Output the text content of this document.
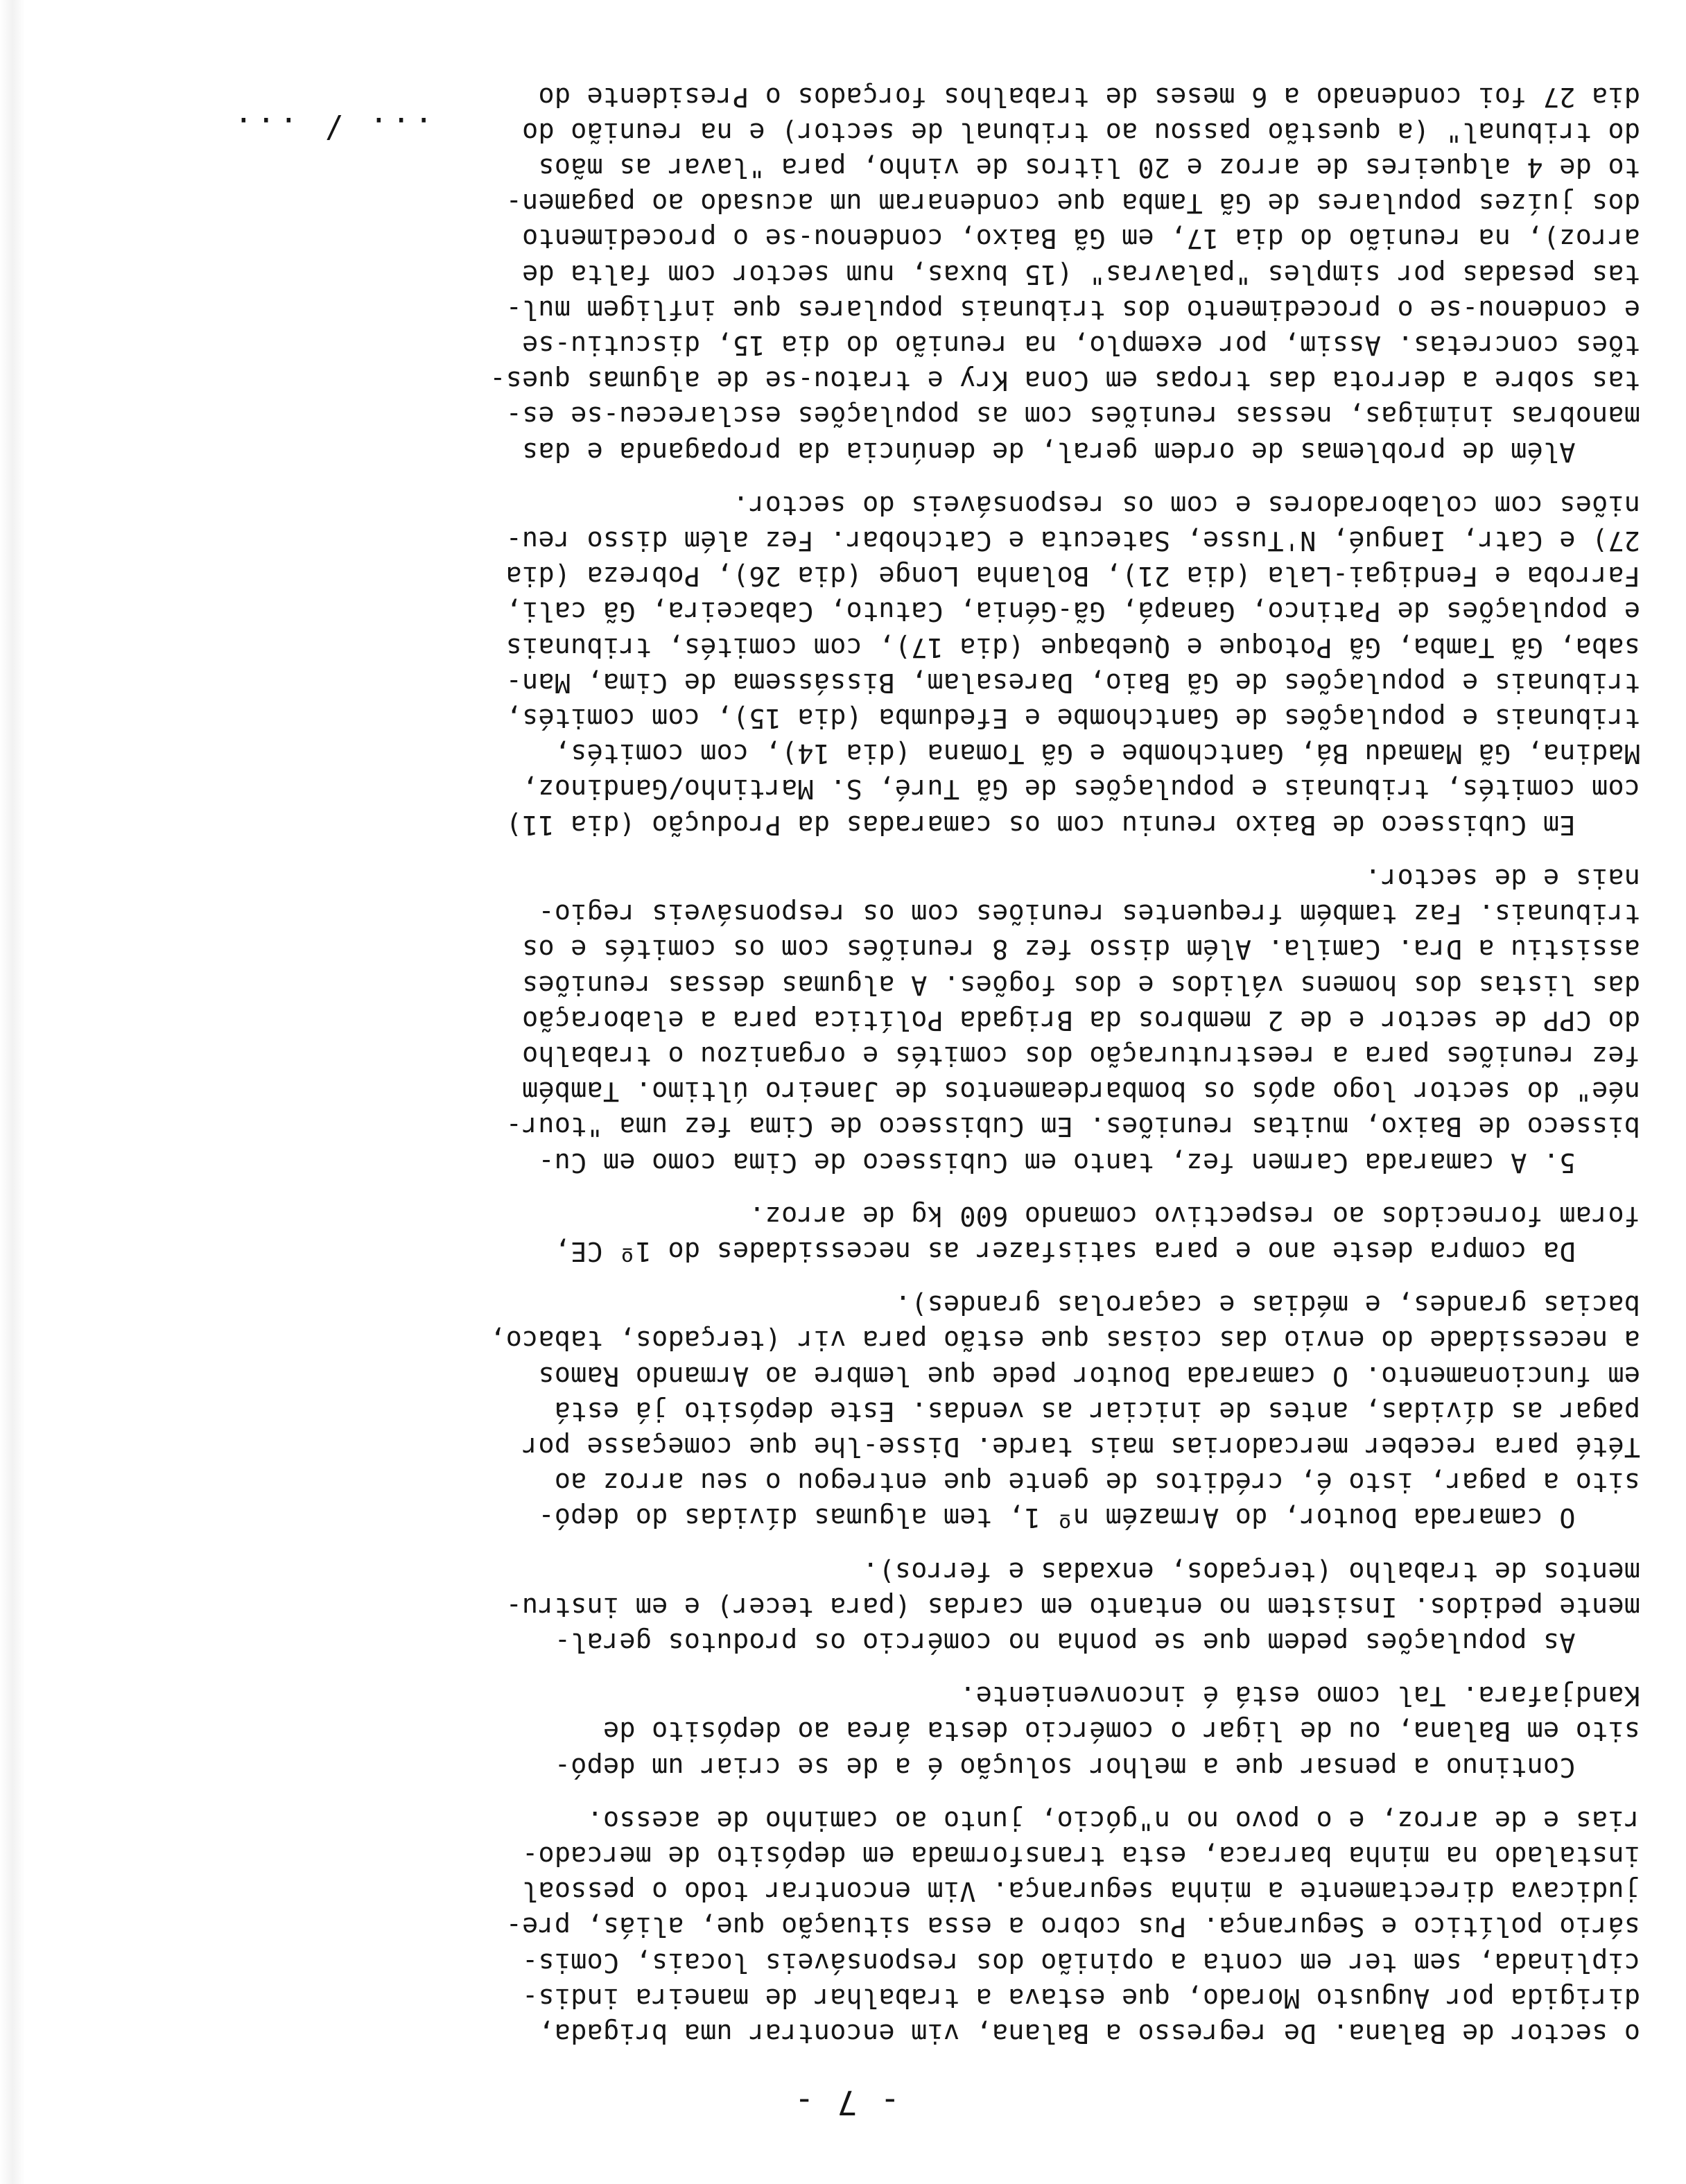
- 7 -
o sector de Balana. De regresso a Balana, vim encontrar uma brigada,
dirigida por Augusto Morado, que estava a trabalhar de maneira indis-
ciplinada, sem ter em conta a opinião dos responsáveis locais, Comis-
sário político e Segurança. Pus cobro a essa situação que, aliás, pre-
judicava directamente a minha segurança. Vim encontrar todo o pessoal
instalado na minha barraca, esta transformada em depósito de mercado-
rias e de arroz, e o povo no n"gócio, junto ao caminho de acesso.
Continuo a pensar que a melhor solução é a de se criar um depó-
sito em Balana, ou de ligar o comércio desta área ao depósito de
Kandjafara. Tal como está é inconveniente.
As populações pedem que se ponha no comércio os produtos geral-
mente pedidos. Insistem no entanto em cardas (para tecer) e em instru-
mentos de trabalho (terçados, enxadas e ferros).
O camarada Doutor, do Armazém nº 1, tem algumas dívidas do depó-
sito a pagar, isto é, créditos de gente que entregou o seu arroz ao
Tété para receber mercadorias mais tarde. Disse-lhe que começasse por
pagar as dívidas, antes de iniciar as vendas. Este depósito já está
em funcionamento. O camarada Doutor pede que lembre ao Armando Ramos
a necessidade do envio das coisas que estão para vir (terçados, tabaco,
bacias grandes, e médias e caçarolas grandes).
Da compra deste ano e para satisfazer as necessidades do 1º CE,
foram fornecidos ao respectivo comando 600 kg de arroz.
5. A camarada Carmen fez, tanto em Cubisseco de Cima como em Cu-
bisseco de Baixo, muitas reuniões. Em Cubisseco de Cima fez uma "tour-
née" do sector logo após os bombardeamentos de Janeiro último. Também
fez reuniões para a reestruturação dos comités e organizou o trabalho
do CPP de sector e de 2 membros da Brigada Política para a elaboração
das listas dos homens válidos e dos fogões. A algumas dessas reuniões
assistiu a Dra. Camila. Além disso fez 8 reuniões com os comités e os
tribunais. Faz também frequentes reuniões com os responsáveis regio-
nais e de sector.
Em Cubisseco de Baixo reuniu com os camaradas da Produção (dia 11)
com comités, tribunais e populações de Gã Turé, S. Martinho/Gandinoz,
Madina, Gã Mamadu Bá, Gantchombe e Gã Tomana (dia 14), com comités,
tribunais e populações de Gantchombe e Efedumba (dia 15), com comités,
tribunais e populações de Gã Baio, Daresalam, Bissássema de Cima, Man-
saba, Gã Tamba, Gã Potoque e Quebaque (dia 17), com comités, tribunais
e populações de Patinco, Ganapá, Gã-Génia, Catuto, Cabaceira, Gã cali,
Farroba e Fendigai-Lala (dia 21), Bolanha Longe (dia 26), Pobreza (dia
27) e Catr, Iangué, N'Tusse, Satecuta e Catchobar. Fez além disso reu-
niões com colaboradores e com os responsáveis do sector.
Além de problemas de ordem geral, de denúncia da propaganda e das
manobras inimigas, nessas reuniões com as populações esclareceu-se es-
tas sobre a derrota das tropas em Cona Kry e tratou-se de algumas ques-
tões concretas. Assim, por exemplo, na reunião do dia 15, discutiu-se
e condenou-se o procedimento dos tribunais populares que infligem mul-
tas pesadas por simples "palavras" (15 buxas, num sector com falta de
arroz), na reunião do dia 17, em Gã Baixo, condenou-se o procedimento
dos juízes populares de Gã Tamba que condenaram um acusado ao pagamen-
to de 4 alqueires de arroz e 20 litros de vinho, para "lavar as mãos
do tribunal" (a questão passou ao tribunal de sector) e na reunião do
dia 27 foi condenado a 6 meses de trabalhos forçados o Presidente do
... / ...
